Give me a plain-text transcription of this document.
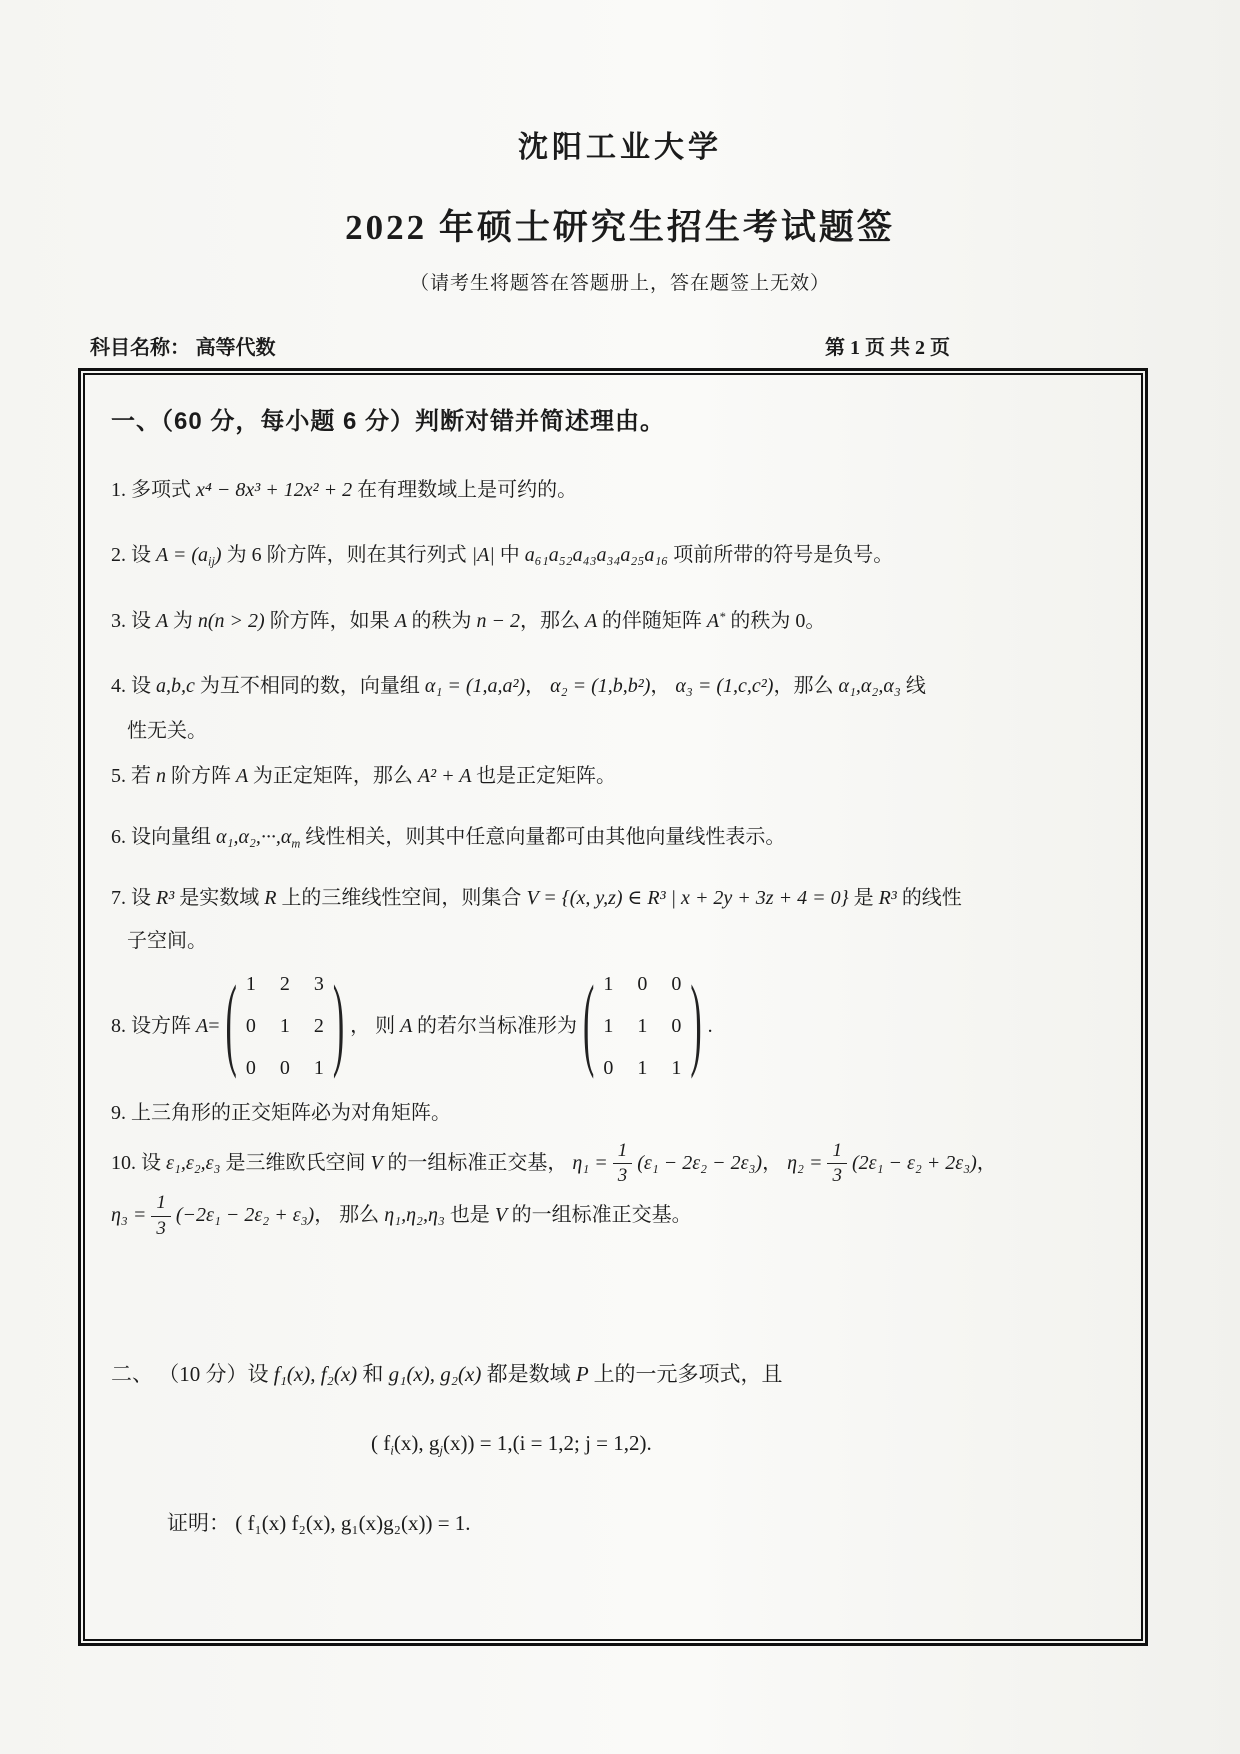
沈阳工业大学
2022 年硕士研究生招生考试题签
（请考生将题答在答题册上，答在题签上无效）
科目名称： 高等代数	第 1 页 共 2 页
一、（60 分，每小题 6 分）判断对错并简述理由。
1. 多项式 x⁴ − 8x³ + 12x² + 2 在有理数域上是可约的。
2. 设 $A = (a_{ij})$ 为 6 阶方阵，则在其行列式 |A| 中 a₆₁a₅₂a₄₃a₃₄a₂₅a₁₆ 项前所带的符号是负号。
3. 设 A 为 n(n > 2) 阶方阵，如果 A 的秩为 n − 2，那么 A 的伴随矩阵 A* 的秩为 0。
4. 设 a,b,c 为互不相同的数，向量组 α₁ = (1,a,a²)， α₂ = (1,b,b²)， α₃ = (1,c,c²)，那么 α₁,α₂,α₃ 线
性无关。
5. 若 n 阶方阵 A 为正定矩阵，那么 A² + A 也是正定矩阵。
6. 设向量组 $\alpha_1,\alpha_2,\cdot\cdot\cdot,\alpha_m$ 线性相关，则其中任意向量都可由其他向量线性表示。
7. 设 R³ 是实数域 R 上的三维线性空间，则集合 V = {(x, y,z) ∈ R³ | x + 2y + 3z + 4 = 0} 是 R³ 的线性
子空间。
8. 设方阵 A= ( 1 2 3
0 1 2
0 0 1 ) ， 则 A 的若尔当标准形为 ( 1 0 0
1 1 0
0 1 1 ) .
9. 上三角形的正交矩阵必为对角矩阵。
10. 设 ε₁,ε₂,ε₃ 是三维欧氏空间 V 的一组标准正交基， $\eta_1 = \frac{1}{3} (\varepsilon_1 - 2\varepsilon_2 - 2\varepsilon_3)$， $\eta_2 = \frac{1}{3} (2\varepsilon_1 - \varepsilon_2 + 2\varepsilon_3)$，
$\eta_3 = \frac{1}{3} (-2\varepsilon_1 - 2\varepsilon_2 + \varepsilon_3)$， 那么 η₁,η₂,η₃ 也是 V 的一组标准正交基。
二、 （10 分）设 f₁(x), f₂(x) 和 g₁(x), g₂(x) 都是数域 P 上的一元多项式，且
( $f_i(x)$, $g_j(x)) = 1,(i = 1,2$; j = 1,2).
证明： ( f₁(x) f₂(x), g₁(x)g₂(x)) = 1.
